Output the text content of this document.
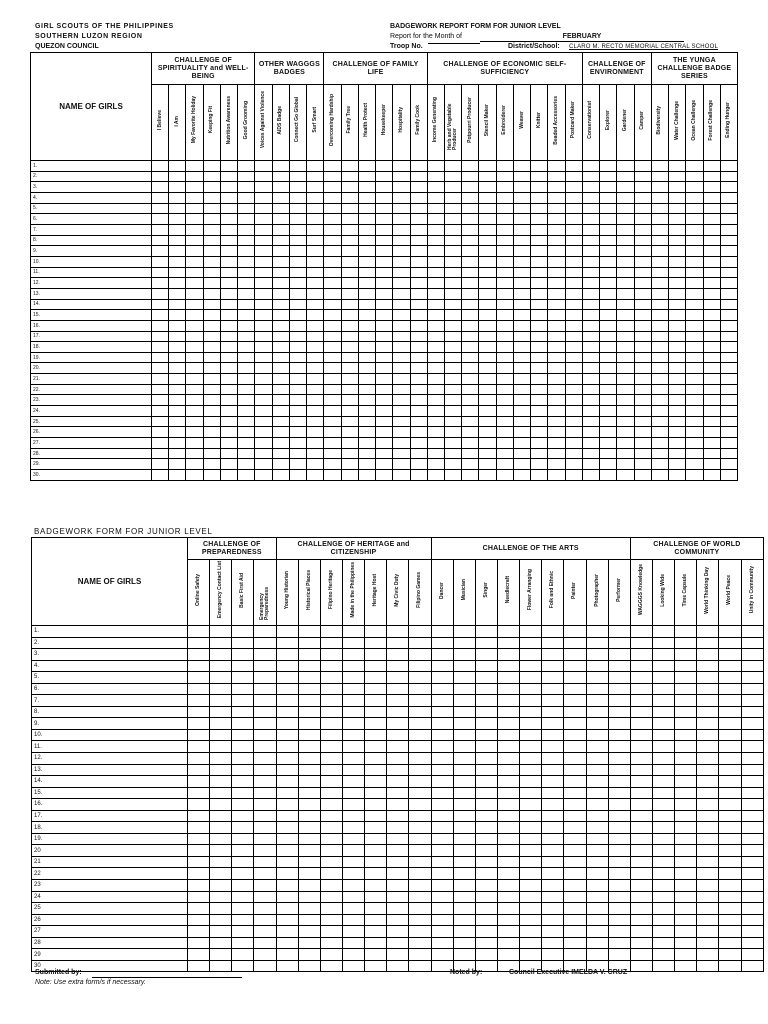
GIRL SCOUTS OF THE PHILIPPINES
SOUTHERN LUZON REGION
QUEZON COUNCIL
BADGEWORK REPORT FORM FOR JUNIOR LEVEL
Report for the Month of	FEBRUARY
Troop No.	District/School: CLARO M. RECTO MEMORIAL CENTRAL SCHOOL
NAME OF GIRLS	CHALLENGE OF SPIRITUALITY and WELL-BEING						OTHER WAGGGS BADGES				CHALLENGE OF FAMILY LIFE						CHALLENGE OF ECONOMIC SELF-SUFFICIENCY									CHALLENGE OF ENVIRONMENT				THE YUNGA CHALLENGE BADGE SERIES				
	I Believe	I Am	My Favorite Holiday	Keeping Fit	Nutrition Awareness	Good Grooming	Voices Against Violence	AIDS Badge	Connect Go Global	Surf Smart	Overcoming Hardship	Family Tree	Health Protect	Housekeeper	Hospitality	Family Cook	Income Generating	Herb and Vegetable Producer	Potpourri Producer	Stencil Maker	Embroiderer	Weaver	Knitter	Beaded Accessories	Postcard Maker	Conservationist	Explorer	Gardener	Camper	Biodiversity	Water Challenge	Ocean Challenge	Forest Challenge	Ending Hunger
1.																																		
2.																																		
3.																																		
4.																																		
5.																																		
6.																																		
7.																																		
8.																																		
9.																																		
10.																																		
11.																																		
12.																																		
13.																																		
14.																																		
15.																																		
16.																																		
17.																																		
18.																																		
19.																																		
20.																																		
21.																																		
22.																																		
23.																																		
24.																																		
25.																																		
26.																																		
27.																																		
28.																																		
29.																																		
30.																																		
BADGEWORK FORM FOR JUNIOR LEVEL
NAME OF GIRLS	CHALLENGE OF PREPAREDNESS				CHALLENGE OF HERITAGE and CITIZENSHIP							CHALLENGE OF THE ARTS									CHALLENGE OF WORLD COMMUNITY					
	Online Safety	Emergency Contact List	Basic First Aid	Emergency Preparedness	Young Historian	Historical Places	Filipino Heritage	Made in the Philippines	Heritage Host	My Civic Duty	Filipino Games	Dancer	Musician	Singer	Needlecraft	Flower Arranging	Folk and Ethnic	Painter	Photographer	Performer	WAGGGS Knowledge	Looking Wide	Time Capsule	World Thinking Day	World Peace	Unity in Community
1.																										
2.																										
3.																										
4.																										
5.																										
6.																										
7.																										
8.																										
9.																										
10.																										
11.																										
12.																										
13.																										
14.																										
15.																										
16.																										
17.																										
18.																										
19.																										
20																										
21																										
22																										
23																										
24																										
25																										
26																										
27																										
28																										
29																										
30																										
Submitted by:
Note: Use extra form/s if necessary.
Noted by:	Council Executive IMELDA V. CRUZ
